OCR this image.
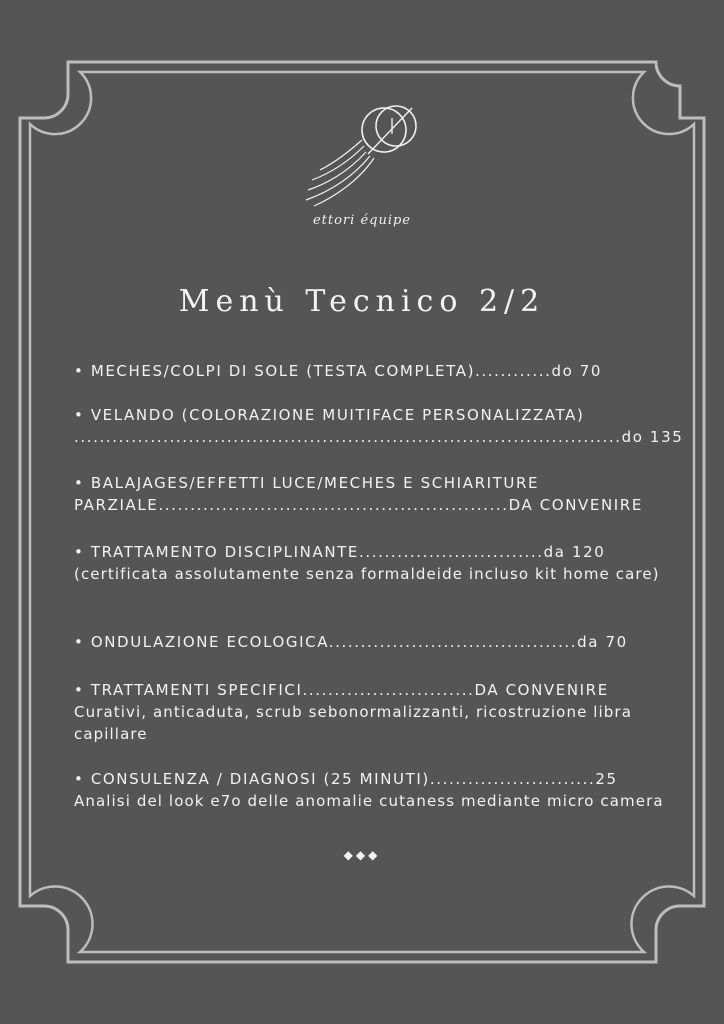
ettori équipe
Menù Tecnico 2/2
• MECHES/COLPI DI SOLE (TESTA COMPLETA)............do 70
• VELANDO (COLORAZIONE MUITIFACE PERSONALIZZATA)
......................................................................................do 135
• BALAJAGES/EFFETTI LUCE/MECHES E SCHIARITURE
PARZIALE.......................................................DA CONVENIRE
• TRATTAMENTO DISCIPLINANTE.............................da 120
(certificata assolutamente senza formaldeide incluso kit home care)
• ONDULAZIONE ECOLOGICA.......................................da 70
• TRATTAMENTI SPECIFICI...........................DA CONVENIRE
Curativi, anticaduta, scrub sebonormalizzanti, ricostruzione libra capillare
• CONSULENZA / DIAGNOSI (25 MINUTI)..........................25
Analisi del look e7o delle anomalie cutaness mediante micro camera
◆◆◆
